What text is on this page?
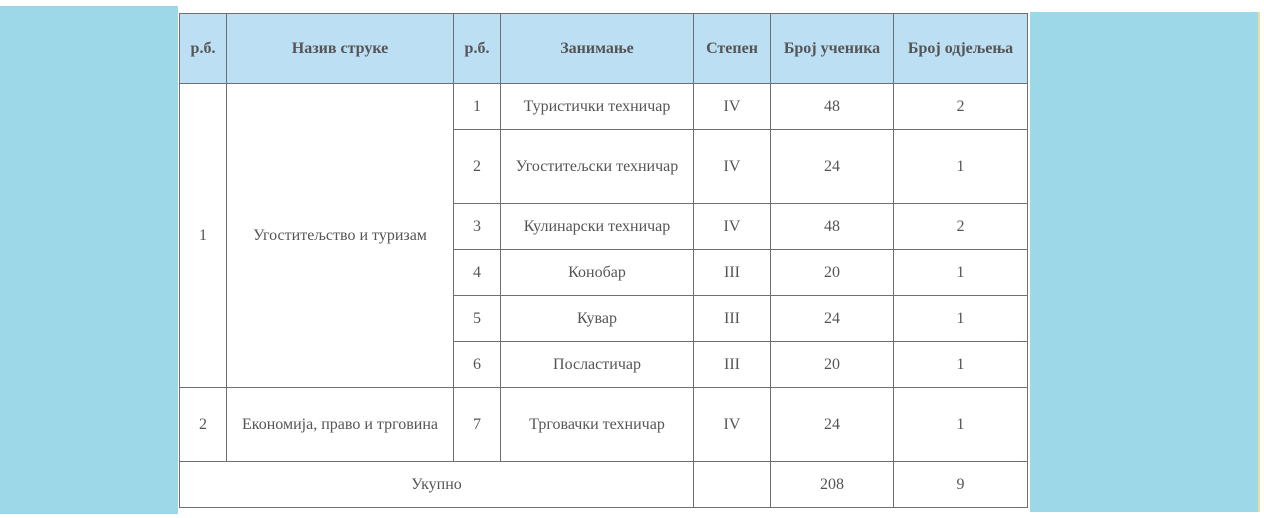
р.б.	Назив струке	р.б.	Занимање	Степен	Број ученика	Број одјељења
1	Угоститељство и туризам	1	Туристички техничар	IV	48	2
		2	Угоститељски техничар	IV	24	1
		3	Кулинарски техничар	IV	48	2
		4	Конобар	III	20	1
		5	Кувар	III	24	1
		6	Посластичар	III	20	1
2	Економија, право и трговина	7	Трговачки техничар	IV	24	1
Укупно					208	9
